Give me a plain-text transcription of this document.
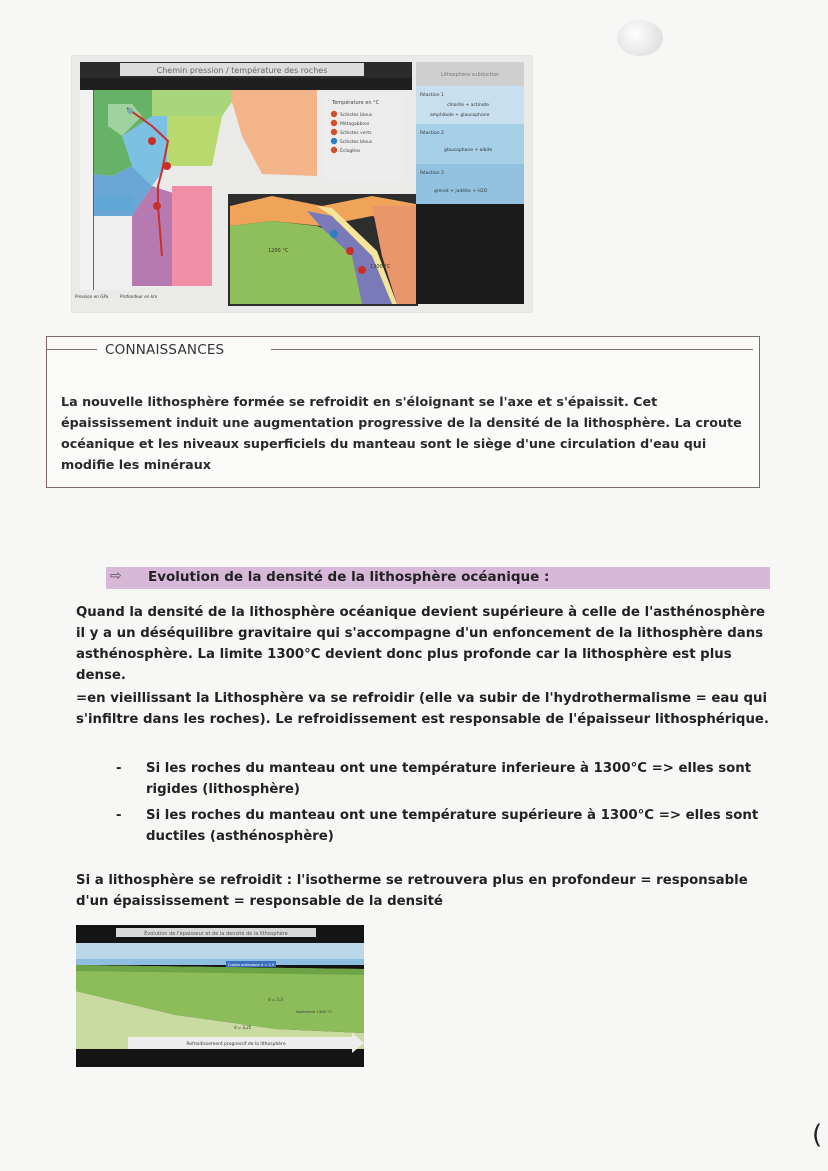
Chemin pression / température des roches
Température en °C
Schistes bleus
Métagabbros
Schistes verts
Schistes bleus
Éclogites
1200 °C
1300 °C
Lithosphère subduction
Réaction 1
chlorite + actinote
amphibole + glaucophane
Réaction 2
glaucophane + albite
Réaction 3
grenat + jadéite + H2O
Pression en GPa	Profondeur en km
CONNAISSANCES
La nouvelle lithosphère formée se refroidit en s'éloignant se l'axe et s'épaissit. Cet épaississement induit une augmentation progressive de la densité de la lithosphère. La croute océanique et les niveaux superficiels du manteau sont le siège d'une circulation d'eau qui modifie les minéraux
⇨ Evolution de la densité de la lithosphère océanique :
Quand la densité de la lithosphère océanique devient supérieure à celle de l'asthénosphère il y a un déséquilibre gravitaire qui s'accompagne d'un enfoncement de la lithosphère dans asthénosphère. La limite 1300°C devient donc plus profonde car la lithosphère est plus dense.
=en vieillissant la Lithosphère va se refroidir (elle va subir de l'hydrothermalisme = eau qui s'infiltre dans les roches). Le refroidissement est responsable de l'épaisseur lithosphérique.
- Si les roches du manteau ont une température inferieure à 1300°C => elles sont rigides (lithosphère)
- Si les roches du manteau ont une température supérieure à 1300°C => elles sont ductiles (asthénosphère)
Si a lithosphère se refroidit : l'isotherme se retrouvera plus en profondeur = responsable d'un épaississement = responsable de la densité
Évolution de l'épaisseur et de la densité de la lithosphère
Croûte océanique d = 2,9
d = 3,3
Isotherme 1300 °C
d = 3,25
Refroidissement progressif de la lithosphère
(
